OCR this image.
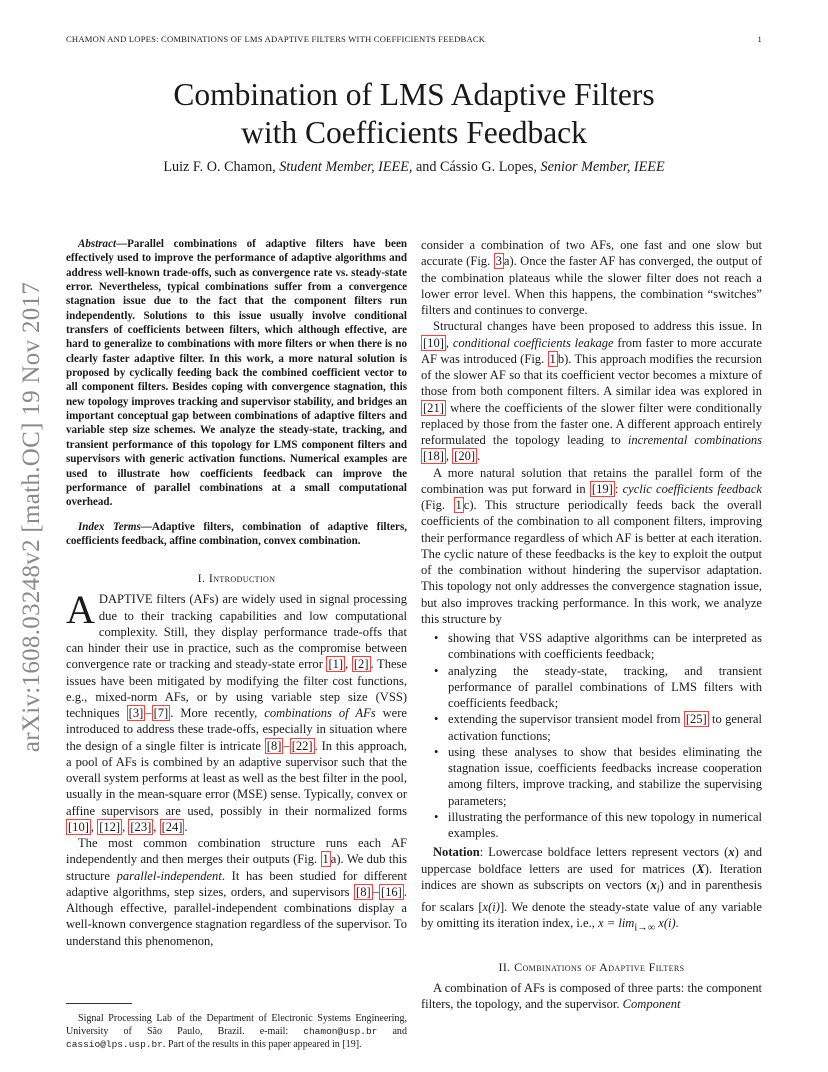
CHAMON AND LOPES: COMBINATIONS OF LMS ADAPTIVE FILTERS WITH COEFFICIENTS FEEDBACK	1
arXiv:1608.03248v2 [math.OC] 19 Nov 2017
Combination of LMS Adaptive Filters
with Coefficients Feedback
Luiz F. O. Chamon, Student Member, IEEE, and Cássio G. Lopes, Senior Member, IEEE

Abstract—Parallel combinations of adaptive filters have been effectively used to improve the performance of adaptive algorithms and address well-known trade-offs, such as convergence rate vs. steady-state error. Nevertheless, typical combinations suffer from a convergence stagnation issue due to the fact that the component filters run independently. Solutions to this issue usually involve conditional transfers of coefficients between filters, which although effective, are hard to generalize to combinations with more filters or when there is no clearly faster adaptive filter. In this work, a more natural solution is proposed by cyclically feeding back the combined coefficient vector to all component filters. Besides coping with convergence stagnation, this new topology improves tracking and supervisor stability, and bridges an important conceptual gap between combinations of adaptive filters and variable step size schemes. We analyze the steady-state, tracking, and transient performance of this topology for LMS component filters and supervisors with generic activation functions. Numerical examples are used to illustrate how coefficients feedback can improve the performance of parallel combinations at a small computational overhead.

Index Terms—Adaptive filters, combination of adaptive filters, coefficients feedback, affine combination, convex combination.

I. Introduction

ADAPTIVE filters (AFs) are widely used in signal processing due to their tracking capabilities and low computational complexity. Still, they display performance trade-offs that can hinder their use in practice, such as the compromise between convergence rate or tracking and steady-state error [1] , [2] . These issues have been mitigated by modifying the filter cost functions, e.g., mixed-norm AFs, or by using variable step size (VSS) techniques [3] – [7] . More recently, combinations of AFs were introduced to address these trade-offs, especially in situation where the design of a single filter is intricate [8] – [22] . In this approach, a pool of AFs is combined by an adaptive supervisor such that the overall system performs at least as well as the best filter in the pool, usually in the mean-square error (MSE) sense. Typically, convex or affine supervisors are used, possibly in their normalized forms [10] , [12] , [23] , [24] .

The most common combination structure runs each AF independently and then merges their outputs (Fig. 1 a). We dub this structure parallel-independent. It has been studied for different adaptive algorithms, step sizes, orders, and supervisors [8] – [16] . Although effective, parallel-independent combinations display a well-known convergence stagnation regardless of the supervisor. To understand this phenomenon,

Signal Processing Lab of the Department of Electronic Systems Engineering, University of São Paulo, Brazil. e-mail: chamon@usp.br and cassio@lps.usp.br. Part of the results in this paper appeared in [19].

consider a combination of two AFs, one fast and one slow but accurate (Fig. 3 a). Once the faster AF has converged, the output of the combination plateaus while the slower filter does not reach a lower error level. When this happens, the combination “switches” filters and continues to converge.

Structural changes have been proposed to address this issue. In [10] , conditional coefficients leakage from faster to more accurate AF was introduced (Fig. 1 b). This approach modifies the recursion of the slower AF so that its coefficient vector becomes a mixture of those from both component filters. A similar idea was explored in [21] where the coefficients of the slower filter were conditionally replaced by those from the faster one. A different approach entirely reformulated the topology leading to incremental combinations [18] , [20] .

A more natural solution that retains the parallel form of the combination was put forward in [19] : cyclic coefficients feedback (Fig. 1 c). This structure periodically feeds back the overall coefficients of the combination to all component filters, improving their performance regardless of which AF is better at each iteration. The cyclic nature of these feedbacks is the key to exploit the output of the combination without hindering the supervisor adaptation. This topology not only addresses the convergence stagnation issue, but also improves tracking performance. In this work, we analyze this structure by

• showing that VSS adaptive algorithms can be interpreted as combinations with coefficients feedback;
• analyzing the steady-state, tracking, and transient performance of parallel combinations of LMS filters with coefficients feedback;
• extending the supervisor transient model from [25] to general activation functions;
• using these analyses to show that besides eliminating the stagnation issue, coefficients feedbacks increase cooperation among filters, improve tracking, and stabilize the supervising parameters;
• illustrating the performance of this new topology in numerical examples.

Notation: Lowercase boldface letters represent vectors (x) and uppercase boldface letters are used for matrices (X). Iteration indices are shown as subscripts on vectors $(x_i)$ and in parenthesis for scalars [x(i)]. We denote the steady-state value of any variable by omitting its iteration index, i.e., $x = \lim_{i\to\infty} x(i)$.

II. Combinations of Adaptive Filters

A combination of AFs is composed of three parts: the component filters, the topology, and the supervisor. Component
